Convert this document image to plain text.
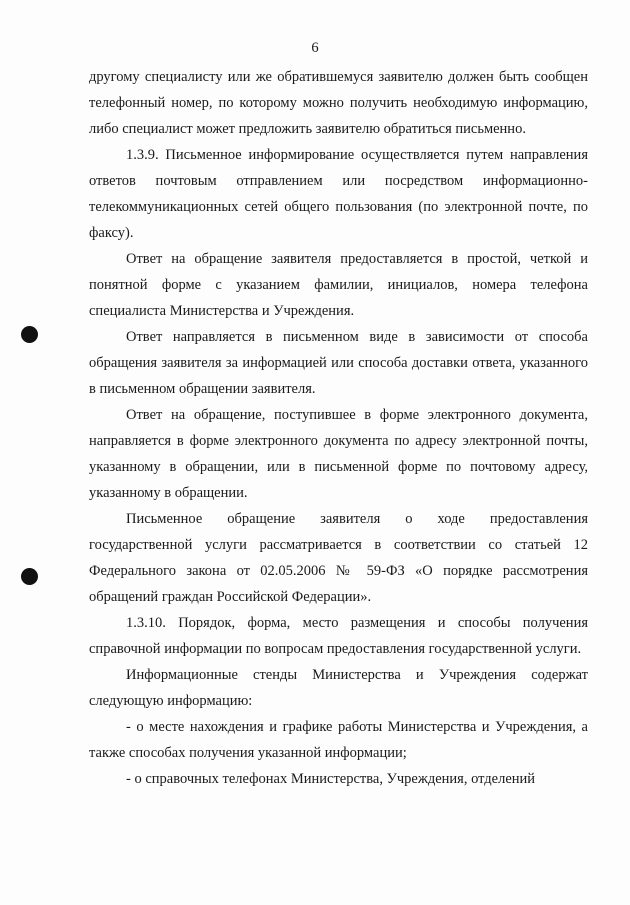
6

другому специалисту или же обратившемуся заявителю должен быть сообщен телефонный номер, по которому можно получить необходимую информацию, либо специалист может предложить заявителю обратиться письменно.

1.3.9. Письменное информирование осуществляется путем направления ответов почтовым отправлением или посредством информационно-телекоммуникационных сетей общего пользования (по электронной почте, по факсу).

Ответ на обращение заявителя предоставляется в простой, четкой и понятной форме с указанием фамилии, инициалов, номера телефона специалиста Министерства и Учреждения.

Ответ направляется в письменном виде в зависимости от способа обращения заявителя за информацией или способа доставки ответа, указанного в письменном обращении заявителя.

Ответ на обращение, поступившее в форме электронного документа, направляется в форме электронного документа по адресу электронной почты, указанному в обращении, или в письменной форме по почтовому адресу, указанному в обращении.

Письменное обращение заявителя о ходе предоставления государственной услуги рассматривается в соответствии со статьей 12 Федерального закона от 02.05.2006 № 59-ФЗ «О порядке рассмотрения обращений граждан Российской Федерации».

1.3.10. Порядок, форма, место размещения и способы получения справочной информации по вопросам предоставления государственной услуги.

Информационные стенды Министерства и Учреждения содержат следующую информацию:

- о месте нахождения и графике работы Министерства и Учреждения, а также способах получения указанной информации;

- о справочных телефонах Министерства, Учреждения, отделений
